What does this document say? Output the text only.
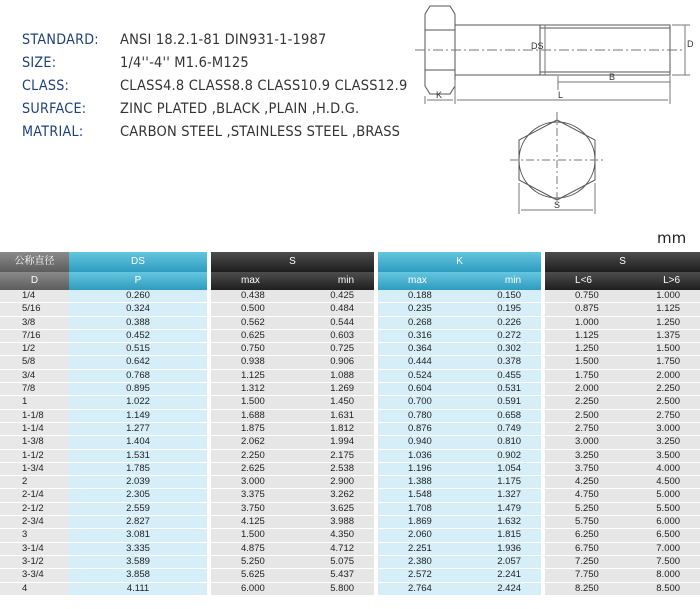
STANDARD:	ANSI 18.2.1-81 DIN931-1-1987
SIZE:	1/4''-4'' M1.6-M125
CLASS:	CLASS4.8 CLASS8.8 CLASS10.9 CLASS12.9
SURFACE:	ZINC PLATED ,BLACK ,PLAIN ,H.D.G.
MATRIAL:	CARBON STEEL ,STAINLESS STEEL ,BRASS
DS	D
B
K	L
S
mm
公称直径	DS		S			K			S	
D	P		max	min		max	min		L<6	L>6
1/4	0.260		0.438	0.425		0.188	0.150		0.750	1.000
5/16	0.324		0.500	0.484		0.235	0.195		0.875	1.125
3/8	0.388		0.562	0.544		0.268	0.226		1.000	1.250
7/16	0.452		0.625	0.603		0.316	0.272		1.125	1.375
1/2	0.515		0.750	0.725		0.364	0.302		1.250	1.500
5/8	0.642		0.938	0.906		0.444	0.378		1.500	1.750
3/4	0.768		1.125	1.088		0.524	0.455		1.750	2.000
7/8	0.895		1.312	1.269		0.604	0.531		2.000	2.250
1	1.022		1.500	1.450		0.700	0.591		2.250	2.500
1-1/8	1.149		1.688	1.631		0.780	0.658		2.500	2.750
1-1/4	1.277		1.875	1.812		0.876	0.749		2.750	3.000
1-3/8	1.404		2.062	1.994		0.940	0.810		3.000	3.250
1-1/2	1.531		2.250	2.175		1.036	0.902		3.250	3.500
1-3/4	1.785		2.625	2.538		1.196	1.054		3.750	4.000
2	2.039		3.000	2.900		1.388	1.175		4.250	4.500
2-1/4	2.305		3.375	3.262		1.548	1.327		4.750	5.000
2-1/2	2.559		3.750	3.625		1.708	1.479		5.250	5.500
2-3/4	2.827		4.125	3.988		1.869	1.632		5.750	6.000
3	3.081		1.500	4.350		2.060	1.815		6.250	6.500
3-1/4	3.335		4.875	4.712		2.251	1.936		6.750	7.000
3-1/2	3.589		5.250	5.075		2.380	2.057		7.250	7.500
3-3/4	3.858		5.625	5.437		2.572	2.241		7.750	8.000
4	4.111		6.000	5.800		2.764	2.424		8.250	8.500
